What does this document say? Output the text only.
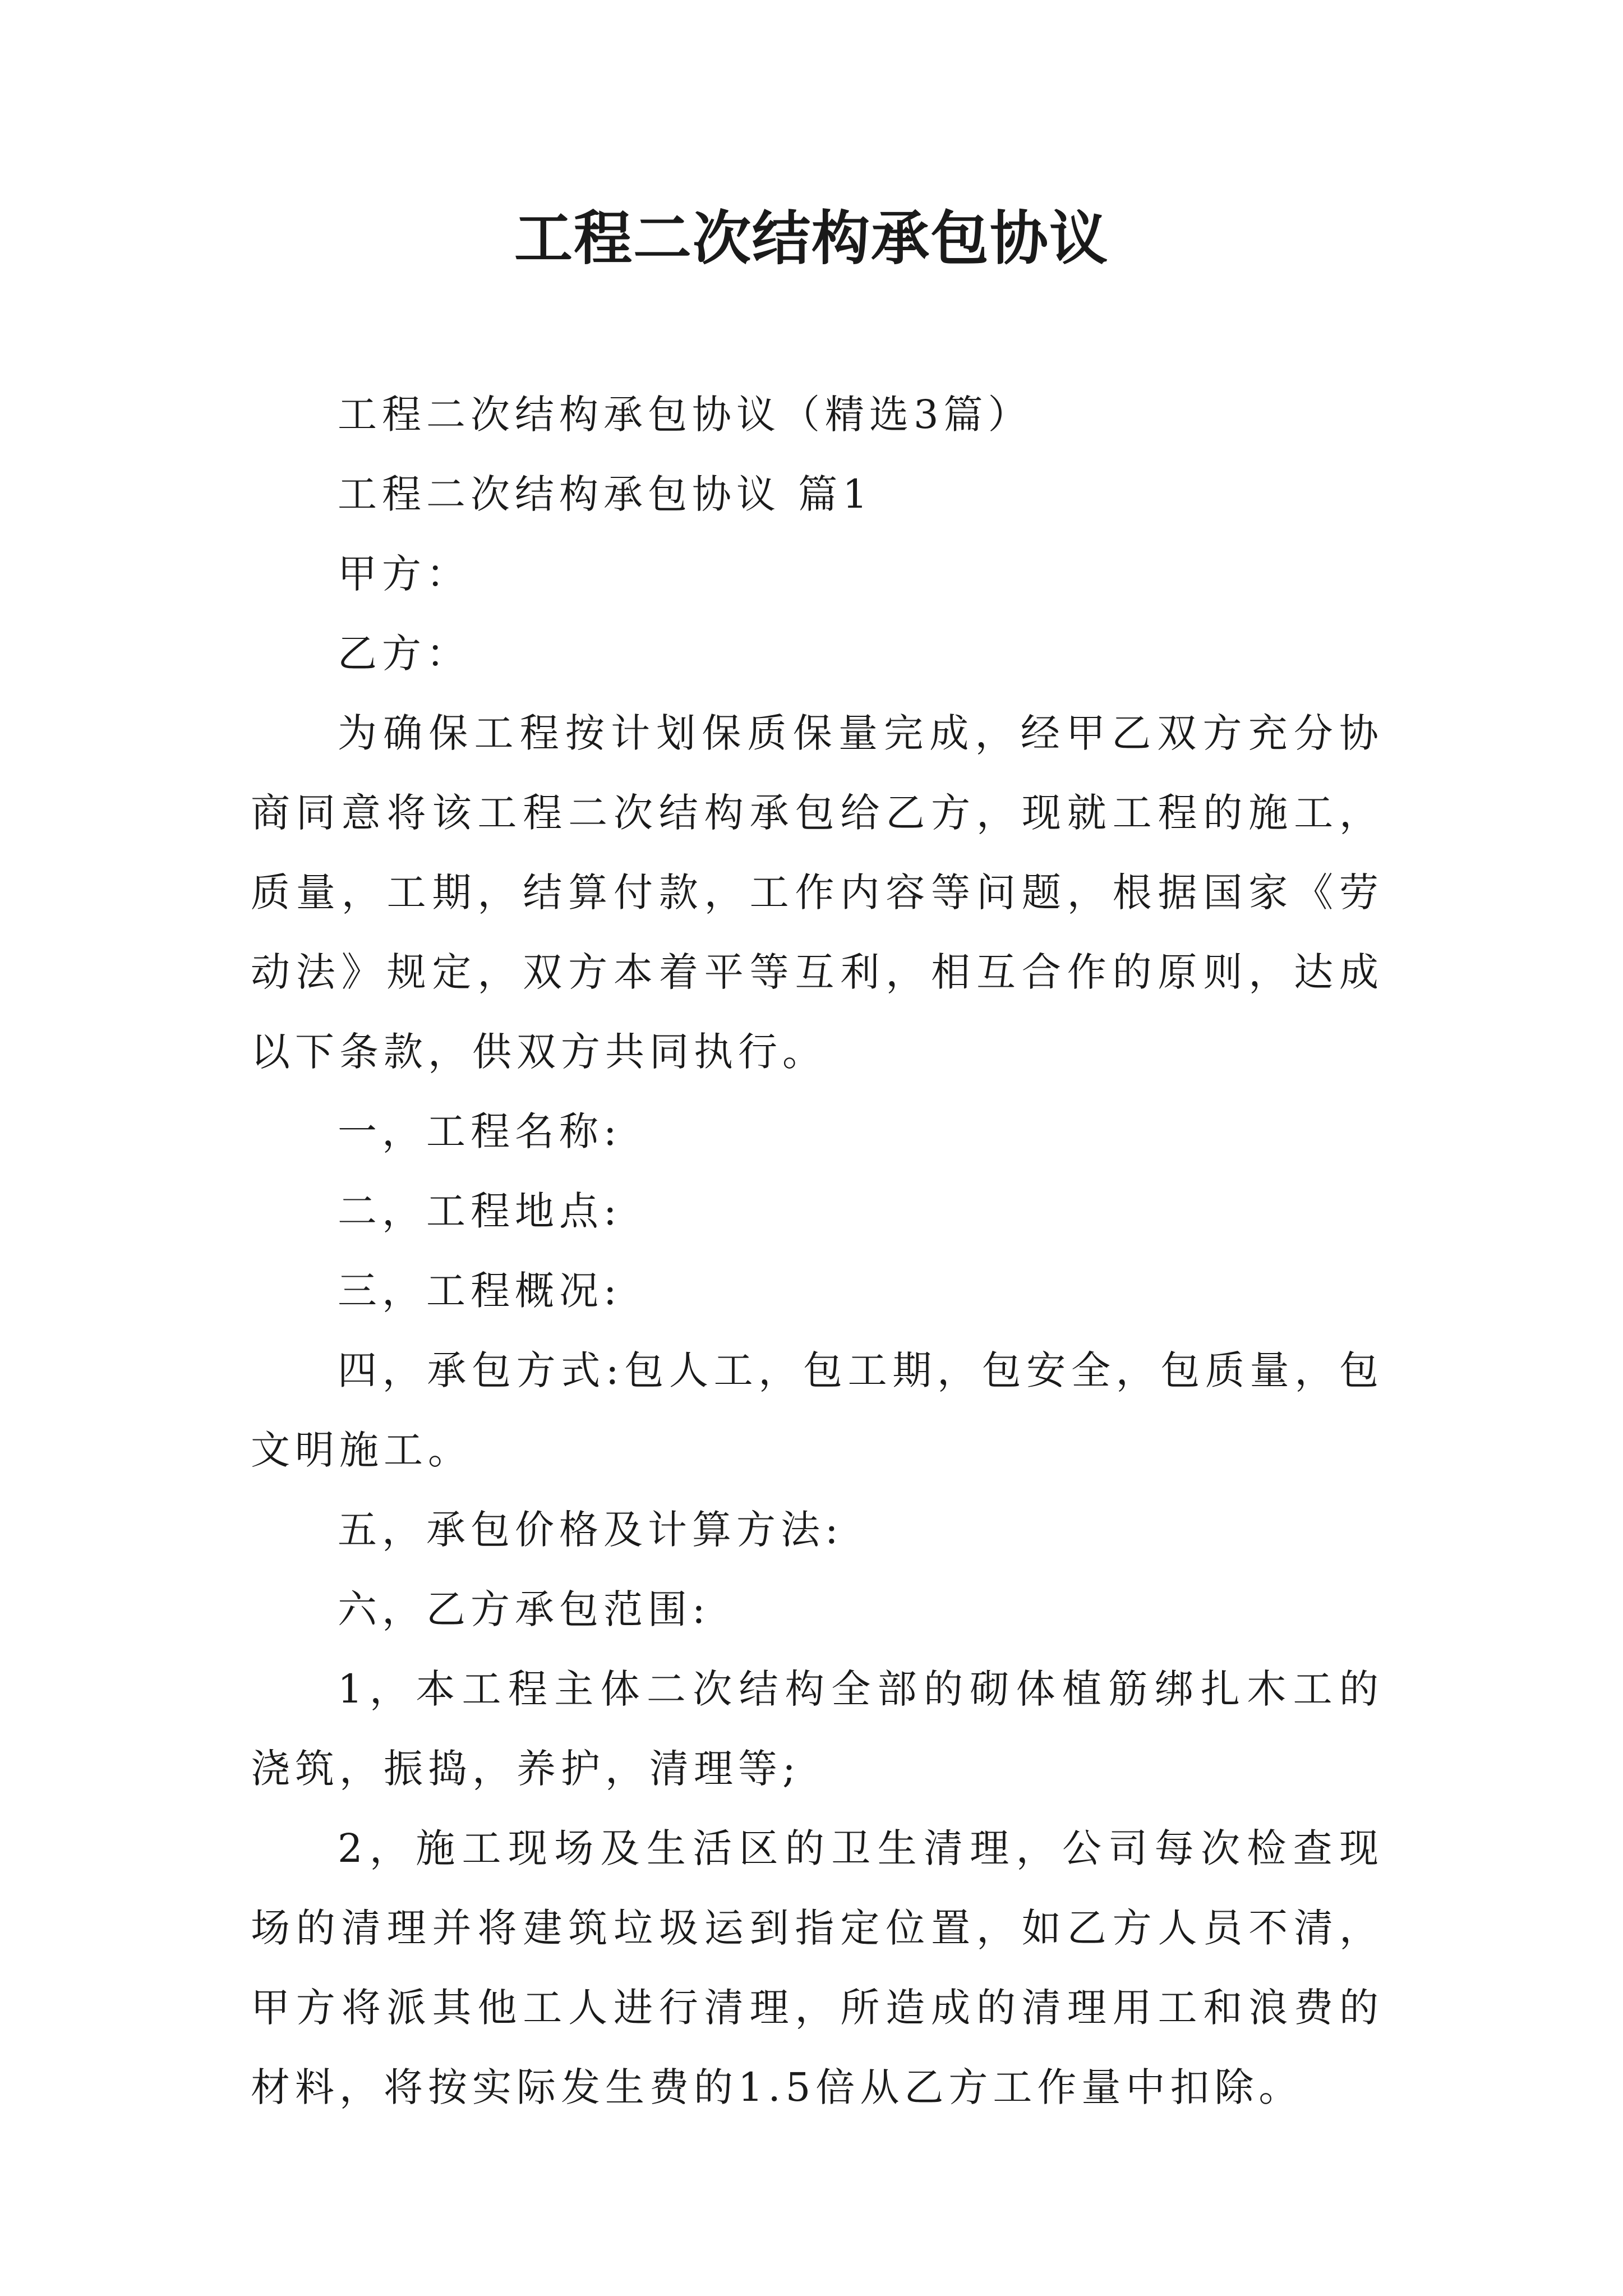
工程二次结构承包协议

工程二次结构承包协议（精选3篇）

工程二次结构承包协议 篇1

甲方：

乙方：

为确保工程按计划保质保量完成，经甲乙双方充分协商同意将该工程二次结构承包给乙方，现就工程的施工，质量，工期，结算付款，工作内容等问题，根据国家《劳动法》规定，双方本着平等互利，相互合作的原则，达成以下条款，供双方共同执行。

一，工程名称:

二，工程地点:

三，工程概况:

四，承包方式:包人工，包工期，包安全，包质量，包文明施工。

五，承包价格及计算方法:

六，乙方承包范围:

1，本工程主体二次结构全部的砌体植筋绑扎木工的浇筑，振捣，养护，清理等;

2，施工现场及生活区的卫生清理，公司每次检查现场的清理并将建筑垃圾运到指定位置，如乙方人员不清，甲方将派其他工人进行清理，所造成的清理用工和浪费的材料，将按实际发生费的1.5倍从乙方工作量中扣除。
